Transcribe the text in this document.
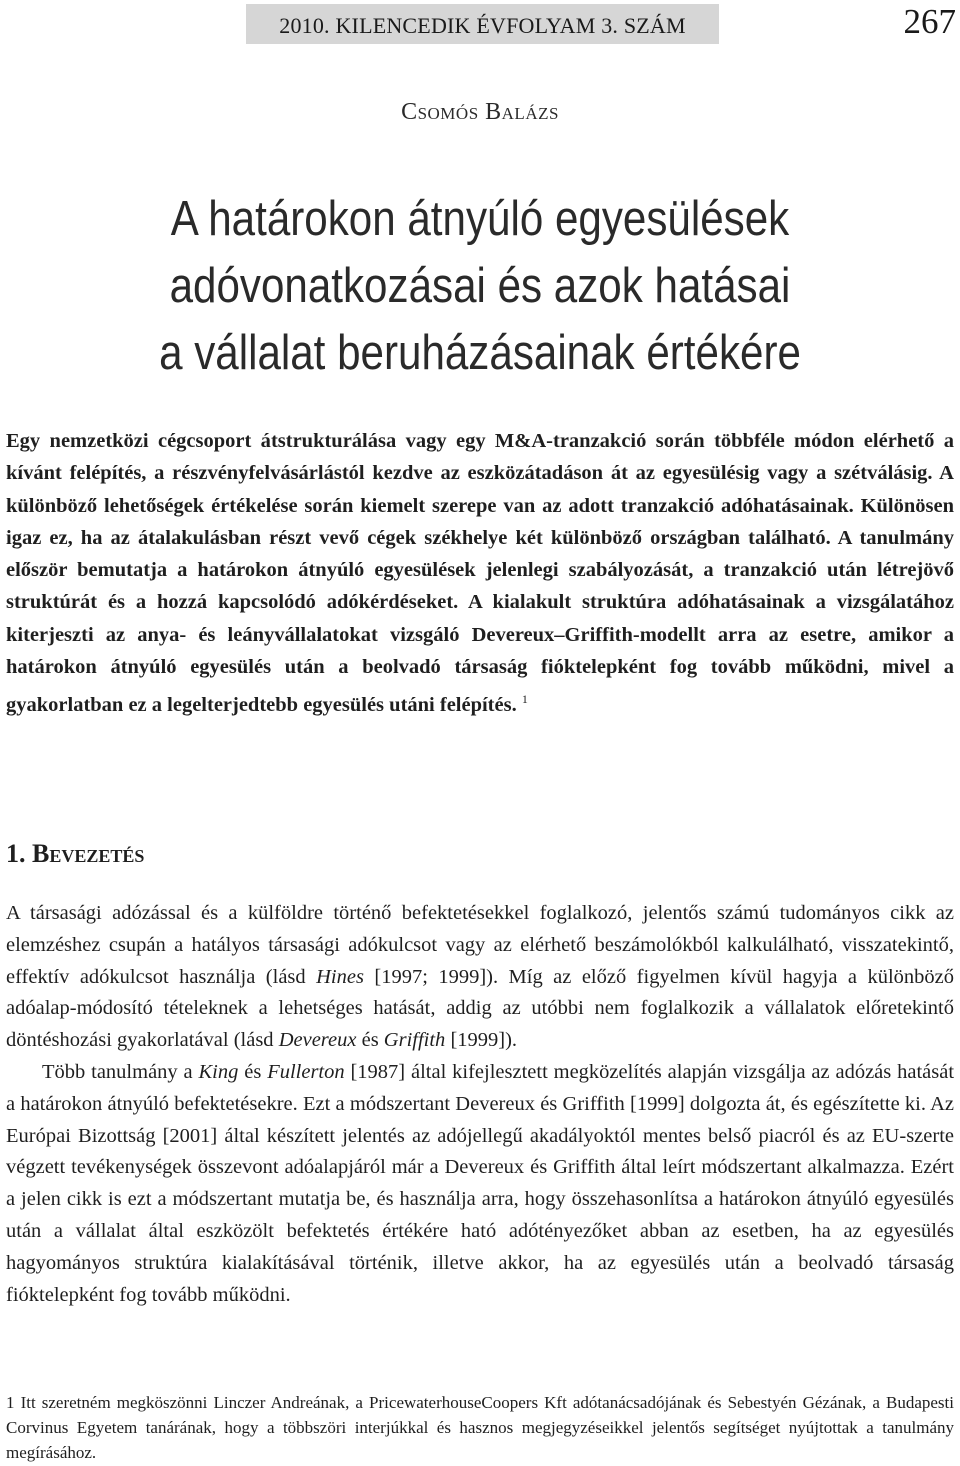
2010. KILENCEDIK ÉVFOLYAM 3. SZÁM	267
Csomós Balázs
A határokon átnyúló egyesülések
adóvonatkozásai és azok hatásai
a vállalat beruházásainak értékére

Egy nemzetközi cégcsoport átstrukturálása vagy egy M&A-tranzakció során többféle módon elérhető a kívánt felépítés, a részvényfelvásárlástól kezdve az eszközátadáson át az egyesülésig vagy a szétválásig. A különböző lehetőségek értékelése során kiemelt szerepe van az adott tranzakció adóhatásainak. Különösen igaz ez, ha az átalakulásban részt vevő cégek székhelye két különböző országban található. A tanulmány először bemutatja a határokon átnyúló egyesülések jelenlegi szabályozását, a tranzakció után létrejövő struktúrát és a hozzá kapcsolódó adókérdéseket. A kialakult struktúra adóhatásainak a vizsgálatához kiterjeszti az anya- és leányvállalatokat vizsgáló Devereux–Griffith-modellt arra az esetre, amikor a határokon átnyúló egyesülés után a beolvadó társaság fióktelepként fog tovább működni, mivel a gyakorlatban ez a legelterjedtebb egyesülés utáni felépítés. $^1$

1. Bevezetés

A társasági adózással és a külföldre történő befektetésekkel foglalkozó, jelentős számú tudományos cikk az elemzéshez csupán a hatályos társasági adókulcsot vagy az elérhető beszámolókból kalkulálható, visszatekintő, effektív adókulcsot használja (lásd Hines [1997; 1999]). Míg az előző figyelmen kívül hagyja a különböző adóalap-módosító tételeknek a lehetséges hatását, addig az utóbbi nem foglalkozik a vállalatok előretekintő döntéshozási gyakorlatával (lásd Devereux és Griffith [1999]).

Több tanulmány a King és Fullerton [1987] által kifejlesztett megközelítés alapján vizsgálja az adózás hatását a határokon átnyúló befektetésekre. Ezt a módszertant Devereux és Griffith [1999] dolgozta át, és egészítette ki. Az Európai Bizottság [2001] által készített jelentés az adójellegű akadályoktól mentes belső piacról és az EU-szerte végzett tevékenységek összevont adóalapjáról már a Devereux és Griffith által leírt módszertant alkalmazza. Ezért a jelen cikk is ezt a módszertant mutatja be, és használja arra, hogy összehasonlítsa a határokon átnyúló egyesülés után a vállalat által eszközölt befektetés értékére ható adótényezőket abban az esetben, ha az egyesülés hagyományos struktúra kialakításával történik, illetve akkor, ha az egyesülés után a beolvadó társaság fióktelepként fog tovább működni.

1 Itt szeretném megköszönni Linczer Andreának, a PricewaterhouseCoopers Kft adótanácsadójának és Sebestyén Gézának, a Budapesti Corvinus Egyetem tanárának, hogy a többszöri interjúkkal és hasznos megjegyzéseikkel jelentős segítséget nyújtottak a tanulmány megírásához.
